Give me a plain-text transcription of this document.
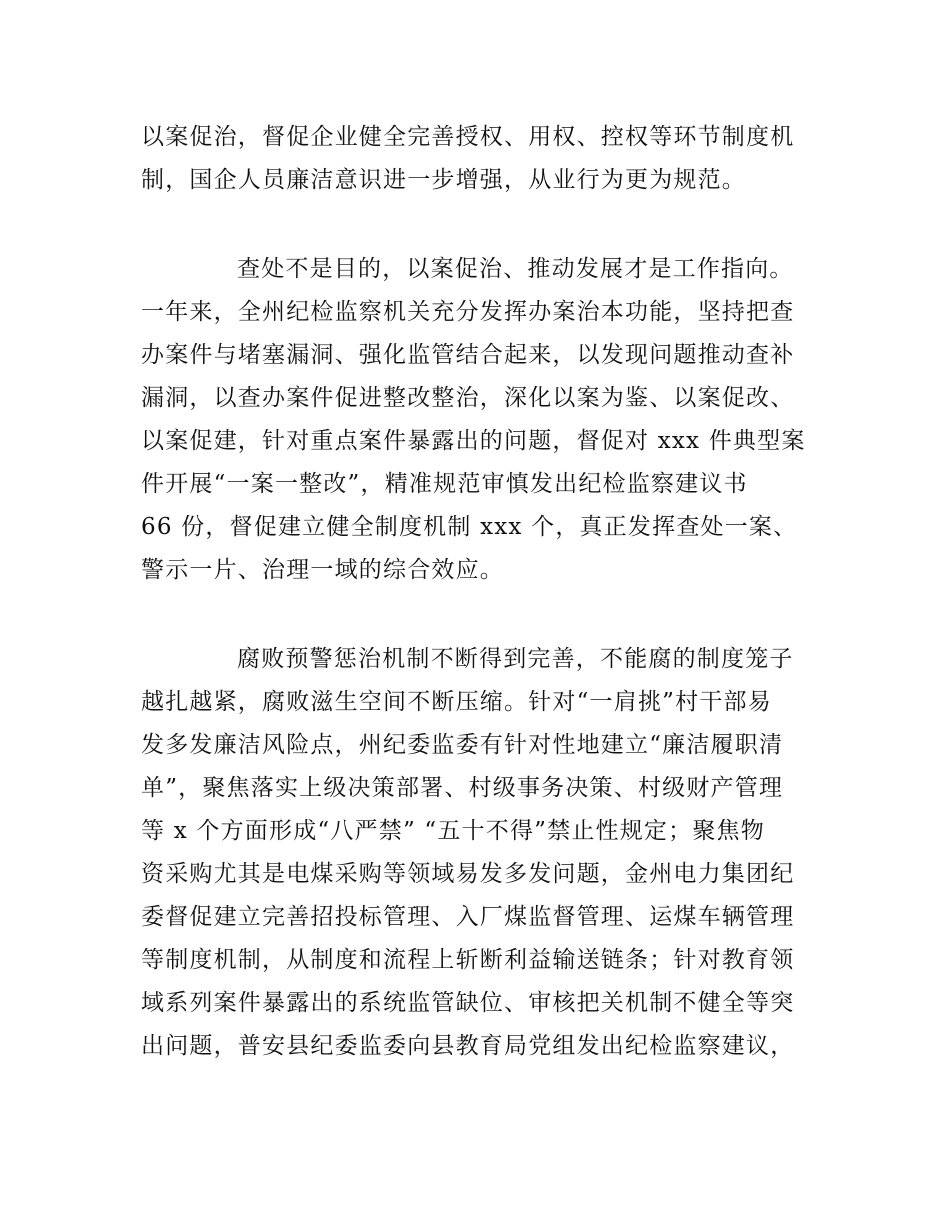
以案促治，督促企业健全完善授权、用权、控权等环节制度机
制，国企人员廉洁意识进一步增强，从业行为更为规范。
查处不是目的，以案促治、推动发展才是工作指向。
一年来，全州纪检监察机关充分发挥办案治本功能，坚持把查
办案件与堵塞漏洞、强化监管结合起来，以发现问题推动查补
漏洞，以查办案件促进整改整治，深化以案为鉴、以案促改、
以案促建，针对重点案件暴露出的问题，督促对 xxx 件典型案
件开展“一案一整改”，精准规范审慎发出纪检监察建议书
66 份，督促建立健全制度机制 xxx 个，真正发挥查处一案、
警示一片、治理一域的综合效应。
腐败预警惩治机制不断得到完善，不能腐的制度笼子
越扎越紧，腐败滋生空间不断压缩。针对“一肩挑”村干部易
发多发廉洁风险点，州纪委监委有针对性地建立“廉洁履职清
单”，聚焦落实上级决策部署、村级事务决策、村级财产管理
等 x 个方面形成“八严禁” “五十不得”禁止性规定；聚焦物
资采购尤其是电煤采购等领域易发多发问题，金州电力集团纪
委督促建立完善招投标管理、入厂煤监督管理、运煤车辆管理
等制度机制，从制度和流程上斩断利益输送链条；针对教育领
域系列案件暴露出的系统监管缺位、审核把关机制不健全等突
出问题，普安县纪委监委向县教育局党组发出纪检监察建议，
